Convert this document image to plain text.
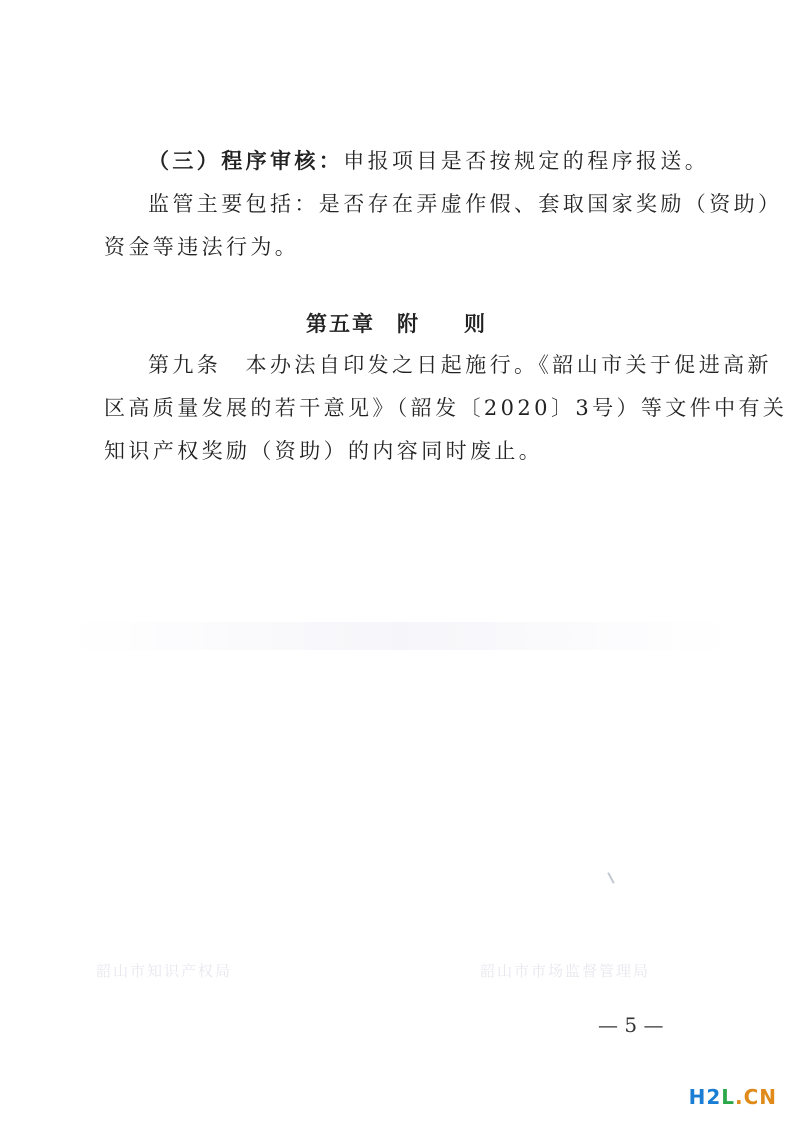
（三）程序审核：申报项目是否按规定的程序报送。
监管主要包括：是否存在弄虚作假、套取国家奖励（资助）
资金等违法行为。
第五章 附 则
第九条　本办法自印发之日起施行。《韶山市关于促进高新
区高质量发展的若干意见》（韶发〔2020〕3号）等文件中有关
知识产权奖励（资助）的内容同时废止。
韶山市知识产权局	韶山市市场监督管理局
— 5 —
H2L.CN
